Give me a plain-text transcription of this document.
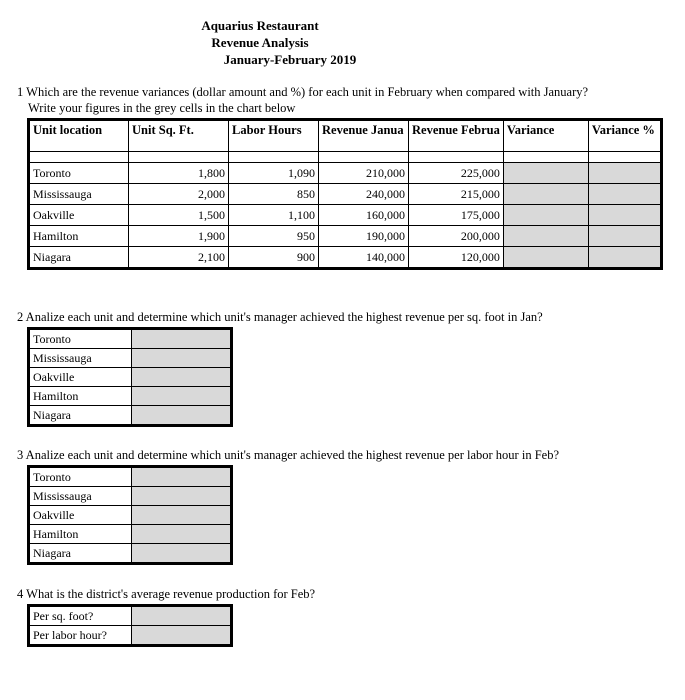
Aquarius Restaurant
Revenue Analysis
January-February 2019
1 Which are the revenue variances (dollar amount and %) for each unit in February when compared with January?
Write your figures in the grey cells in the chart below
Unit location	Unit Sq. Ft.	Labor Hours	Revenue Janua	Revenue Februa	Variance	Variance %

Toronto	1,800	1,090	210,000	225,000		
Mississauga	2,000	850	240,000	215,000		
Oakville	1,500	1,100	160,000	175,000		
Hamilton	1,900	950	190,000	200,000		
Niagara	2,100	900	140,000	120,000		
2 Analize each unit and determine which unit's manager achieved the highest revenue per sq. foot in Jan?
Toronto	
Mississauga	
Oakville	
Hamilton	
Niagara	
3 Analize each unit and determine which unit's manager achieved the highest revenue per labor hour in Feb?
Toronto	
Mississauga	
Oakville	
Hamilton	
Niagara	
4 What is the district's average revenue production for Feb?
Per sq. foot?	
Per labor hour?	
